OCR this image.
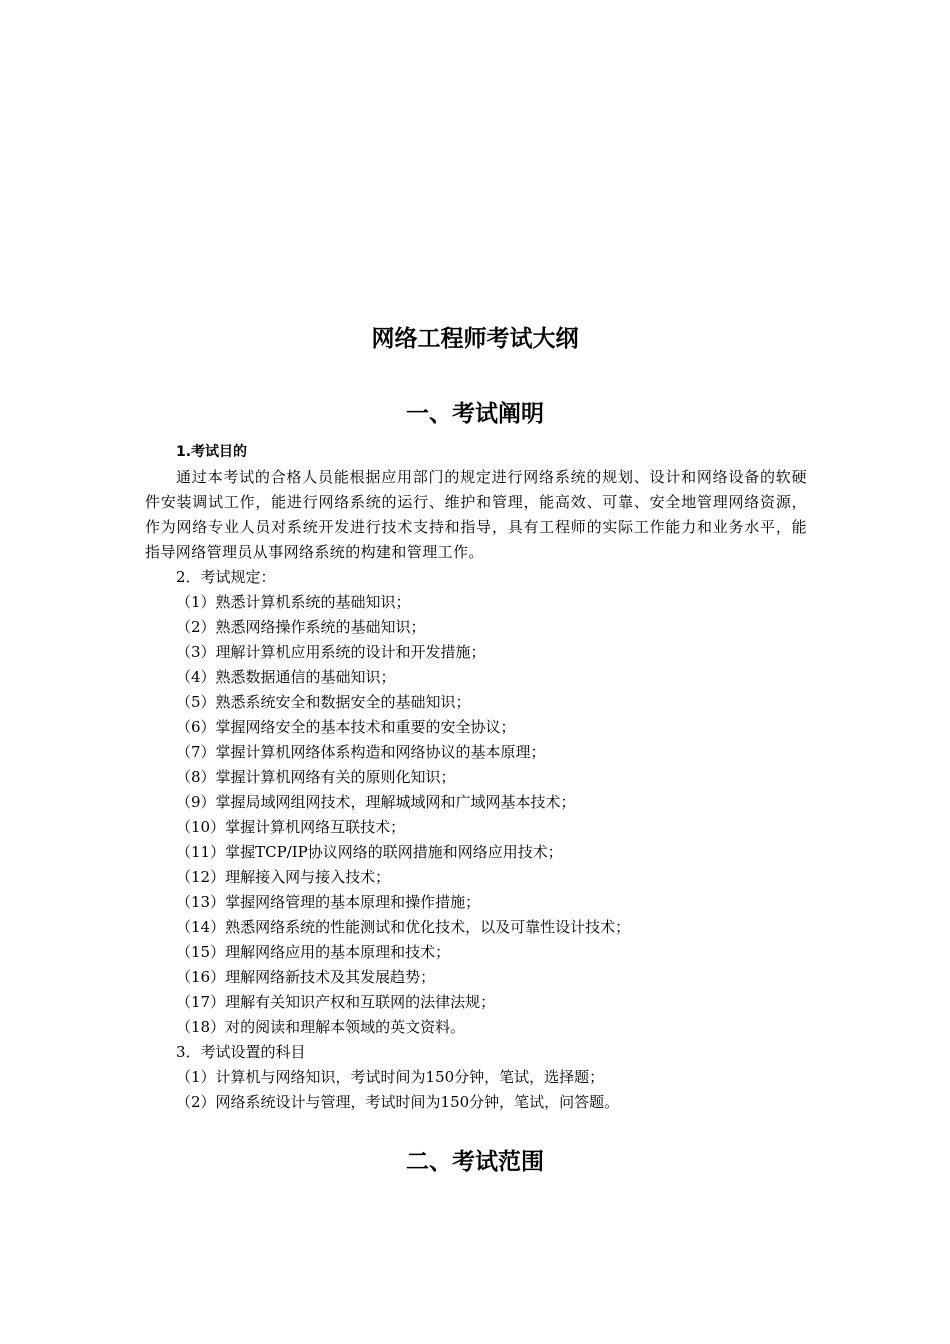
网络工程师考试大纲
一、考试阐明
1.考试目的

通过本考试的合格人员能根据应用部门的规定进行网络系统的规划、设计和网络设备的软硬件安装调试工作，能进行网络系统的运行、维护和管理，能高效、可靠、安全地管理网络资源，作为网络专业人员对系统开发进行技术支持和指导，具有工程师的实际工作能力和业务水平，能指导网络管理员从事网络系统的构建和管理工作。

2．考试规定：
（1）熟悉计算机系统的基础知识；
（2）熟悉网络操作系统的基础知识；
（3）理解计算机应用系统的设计和开发措施；
（4）熟悉数据通信的基础知识；
（5）熟悉系统安全和数据安全的基础知识；
（6）掌握网络安全的基本技术和重要的安全协议；
（7）掌握计算机网络体系构造和网络协议的基本原理；
（8）掌握计算机网络有关的原则化知识；
（9）掌握局域网组网技术，理解城域网和广域网基本技术；
（10）掌握计算机网络互联技术；
（11）掌握TCP/IP协议网络的联网措施和网络应用技术；
（12）理解接入网与接入技术；
（13）掌握网络管理的基本原理和操作措施；
（14）熟悉网络系统的性能测试和优化技术，以及可靠性设计技术；
（15）理解网络应用的基本原理和技术；
（16）理解网络新技术及其发展趋势；
（17）理解有关知识产权和互联网的法律法规；
（18）对的阅读和理解本领域的英文资料。
3．考试设置的科目
（1）计算机与网络知识，考试时间为150分钟，笔试，选择题；
（2）网络系统设计与管理，考试时间为150分钟，笔试，问答题。
二、考试范围
